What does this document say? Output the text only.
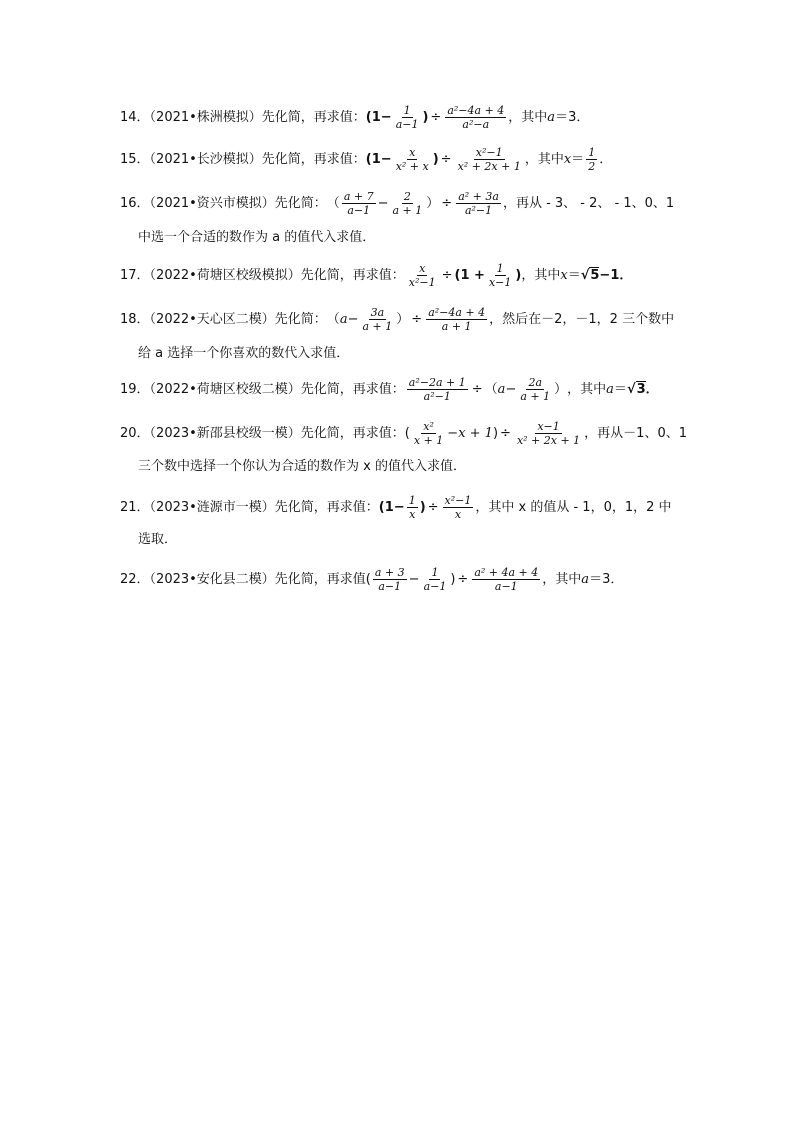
14．（2021•株洲模拟）先化简，再求值： ($1- \frac{1}{a-1}$ ) ÷ $\frac{\text{a²−4a + 4}}{\text{a²−a}}$ ，其中 a ＝3．
15．（2021•长沙模拟）先化简，再求值： ($1- \frac{x}{\text{x² + x}}$ ) ÷ $\frac{\text{x²−1}}{\text{x² + 2x + 1}}$ ，其中 $x = \frac{1}{2}$ ．
16．（2021•资兴市模拟）先化简： （ $\frac{a + 7}{a-1} - \frac{2}{a + 1}$ ） ÷ $\frac{\text{a² + 3a}}{\text{a²−1}}$ ，再从 - 3、 - 2、 - 1、0、1
中选一个合适的数作为 a 的值代入求值．
17．（2022•荷塘区校级模拟）先化简，再求值： $\frac{x}{\text{x²−1}} \div (1 + \frac{1}{x-1}$ ) ，其中 x ＝ √5−1．
18．（2022•天心区二模）先化简： （ $a - \frac{3a}{a + 1}$ ） ÷ $\frac{\text{a²−4a + 4}}{a + 1}$ ，然后在－2，－1，2 三个数中
给 a 选择一个你喜欢的数代入求值．
19．（2022•荷塘区校级二模）先化简，再求值： $\frac{\text{a²−2a + 1}}{\text{a²−1}}$ ÷ （ $a - \frac{2a}{a + 1}$ ） ，其中 a ＝ √3．
20．（2023•新邵县校级一模）先化简，再求值： ( $\frac{\text{x²}}{x + 1} -x + 1$ ) ÷ $\frac{x-1}{\text{x² + 2x + 1}}$ ，再从－1、0、1
三个数中选择一个你认为合适的数作为 x 的值代入求值．
21．（2023•涟源市一模）先化简，再求值： ($1- \frac{1}{x}$ ) ÷ $\frac{\text{x²−1}}{x}$ ，其中 x 的值从 - 1，0，1，2 中
选取．
22．（2023•安化县二模）先化简，再求值 ( $\frac{a + 3}{a-1} - \frac{1}{a-1}$ ) ÷ $\frac{\text{a² + 4a + 4}}{a-1}$ ，其中 a ＝3．
